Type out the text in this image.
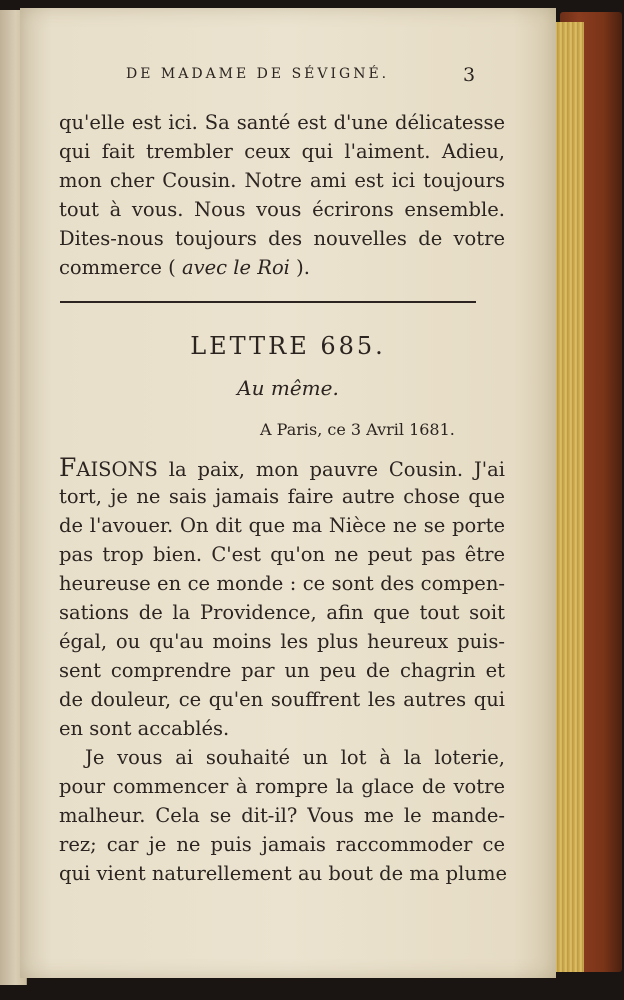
DE MADAME DE SÉVIGNÉ.	3
qu'elle est ici. Sa santé est d'une délicatesse
qui fait trembler ceux qui l'aiment. Adieu,
mon cher Cousin. Notre ami est ici toujours
tout à vous. Nous vous écrirons ensemble.
Dites-nous toujours des nouvelles de votre
commerce ( avec le Roi ).
LETTRE 685.
Au même.
A Paris, ce 3 Avril 1681.
FAISONS la paix, mon pauvre Cousin. J'ai
tort, je ne sais jamais faire autre chose que
de l'avouer. On dit que ma Nièce ne se porte
pas trop bien. C'est qu'on ne peut pas être
heureuse en ce monde : ce sont des compen-
sations de la Providence, afin que tout soit
égal, ou qu'au moins les plus heureux puis-
sent comprendre par un peu de chagrin et
de douleur, ce qu'en souffrent les autres qui
en sont accablés.
Je vous ai souhaité un lot à la loterie,
pour commencer à rompre la glace de votre
malheur. Cela se dit-il? Vous me le mande-
rez; car je ne puis jamais raccommoder ce
qui vient naturellement au bout de ma plume
